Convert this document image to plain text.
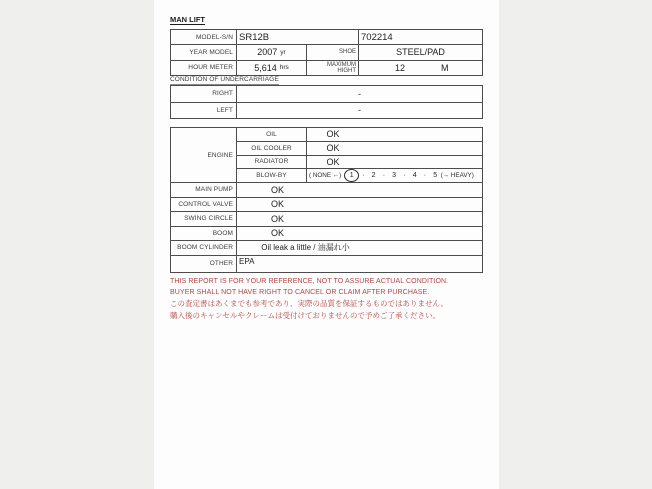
MAN LIFT
MODEL-S/N SR12B	702214
YEAR MODEL	2007 yr	SHOE	STEEL/PAD
HOUR METER	5,614 hrs	MAXIMUM HIGHT	12	M
CONDITION OF UNDERCARRIAGE
RIGHT	-
LEFT	-
ENGINE
OIL	OK
OIL COOLER	OK
RADIATOR	OK
BLOW-BY	( NONE ←)	1	· 2 · 3 · 4 · 5 (→ HEAVY)
MAIN PUMP	OK
CONTROL VALVE	OK
SWING CIRCLE	OK
BOOM	OK
BOOM CYLINDER	Oil leak a little / 油漏れ小
OTHER EPA
THIS REPORT IS FOR YOUR REFERENCE, NOT TO ASSURE ACTUAL CONDITION.
BUYER SHALL NOT HAVE RIGHT TO CANCEL OR CLAIM AFTER PURCHASE.
この査定書はあくまでも参考であり、実際の品質を保証するものではありません。
購入後のキャンセルやクレームは受付けておりませんので予めご了承ください。
